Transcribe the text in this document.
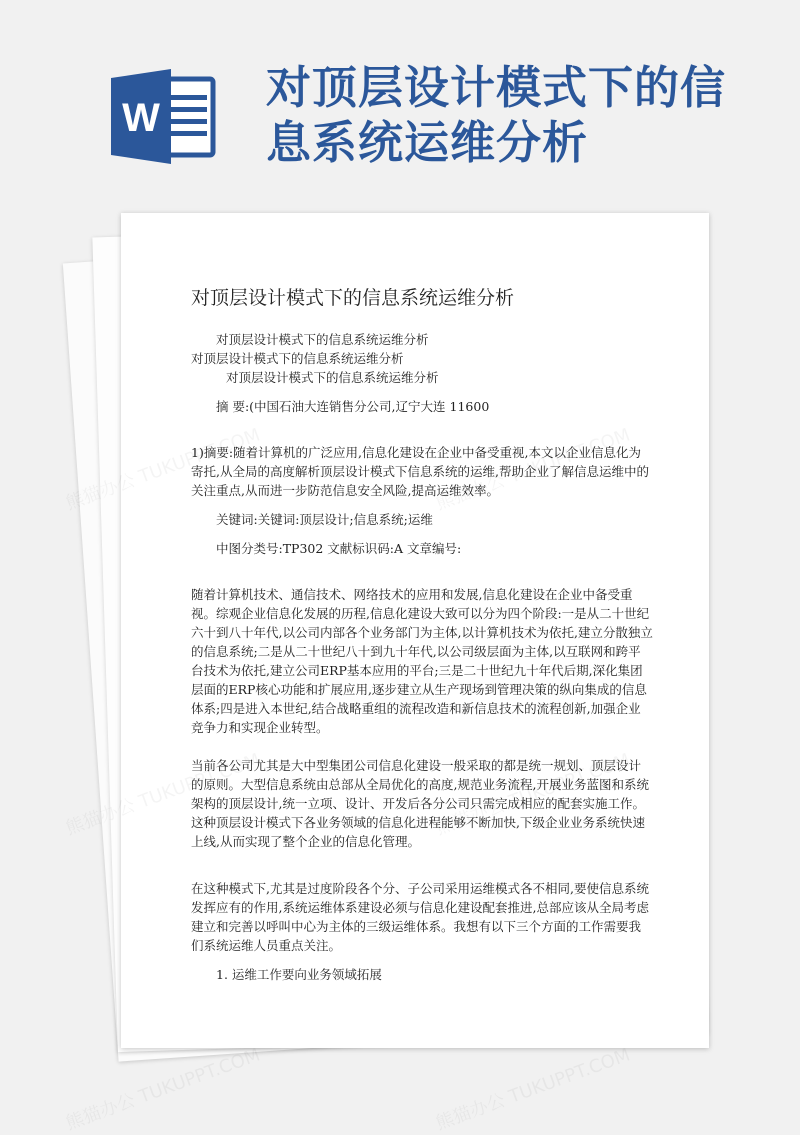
W
对顶层设计模式下的信息系统运维分析
对顶层设计模式下的信息系统运维分析

对顶层设计模式下的信息系统运维分析

对顶层设计模式下的信息系统运维分析

对顶层设计模式下的信息系统运维分析

摘 要:(中国石油大连销售分公司,辽宁大连 11600

1)摘要:随着计算机的广泛应用,信息化建设在企业中备受重视,本文以企业信息化为寄托,从全局的高度解析顶层设计模式下信息系统的运维,帮助企业了解信息运维中的关注重点,从而进一步防范信息安全风险,提高运维效率。

关键词:关键词:顶层设计;信息系统;运维

中图分类号:TP302 文献标识码:A 文章编号:

随着计算机技术、通信技术、网络技术的应用和发展,信息化建设在企业中备受重视。综观企业信息化发展的历程,信息化建设大致可以分为四个阶段:一是从二十世纪六十到八十年代,以公司内部各个业务部门为主体,以计算机技术为依托,建立分散独立的信息系统;二是从二十世纪八十到九十年代,以公司级层面为主体,以互联网和跨平台技术为依托,建立公司ERP基本应用的平台;三是二十世纪九十年代后期,深化集团层面的ERP核心功能和扩展应用,逐步建立从生产现场到管理决策的纵向集成的信息体系;四是进入本世纪,结合战略重组的流程改造和新信息技术的流程创新,加强企业竞争力和实现企业转型。

当前各公司尤其是大中型集团公司信息化建设一般采取的都是统一规划、顶层设计的原则。大型信息系统由总部从全局优化的高度,规范业务流程,开展业务蓝图和系统架构的顶层设计,统一立项、设计、开发后各分公司只需完成相应的配套实施工作。这种顶层设计模式下各业务领域的信息化进程能够不断加快,下级企业业务系统快速上线,从而实现了整个企业的信息化管理。

在这种模式下,尤其是过度阶段各个分、子公司采用运维模式各不相同,要使信息系统发挥应有的作用,系统运维体系建设必须与信息化建设配套推进,总部应该从全局考虑建立和完善以呼叫中心为主体的三级运维体系。我想有以下三个方面的工作需要我们系统运维人员重点关注。

1. 运维工作要向业务领域拓展
